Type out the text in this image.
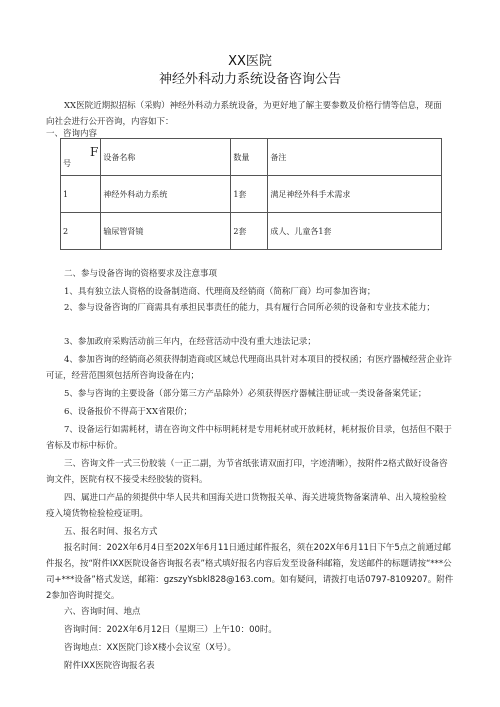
XX医院
神经外科动力系统设备咨询公告
XX医院近期拟招标（采购）神经外科动力系统设备，为更好地了解主要参数及价格行情等信息，现面向社会进行公开咨询，内容如下：
一、咨询内容
F
号	设备名称	数量	备注
1	神经外科动力系统	1套	满足神经外科手术需求
2	输尿管肾镜	2套	成人、儿童各1套
二、参与设备咨询的资格要求及注意事项
1、具有独立法人资格的设备制造商、代理商及经销商（简称厂商）均可参加咨询；
2、参与设备咨询的厂商需具有承担民事责任的能力，具有履行合同所必须的设备和专业技术能力；
3、参加政府采购活动前三年内，在经营活动中没有重大违法记录；
4、参加咨询的经销商必须获得制造商或区域总代理商出具针对本项目的授权函；有医疗器械经营企业许可证，经营范围须包括所咨询设备在内；
5、参与咨询的主要设备（部分第三方产品除外）必须获得医疗器械注册证或一类设备备案凭证；
6、设备报价不得高于XX省限价；
7、设备运行如需耗材，请在咨询文件中标明耗材是专用耗材或开放耗材，耗材报价目录，包括但不限于省标及市标中标价。
三、咨询文件一式三份胶装（一正二副，为节省纸张请双面打印，字迹清晰），按附件2格式做好设备咨询文件，医院有权不接受未经胶装的资料。
四、属进口产品的须提供中华人民共和国海关进口货物报关单、海关进境货物备案清单、出入境检验检疫入境货物检验检疫证明。
五、报名时间、报名方式
报名时间：202X年6月4日至202X年6月11日通过邮件报名，须在202X年6月11日下午5点之前通过邮件报名，按“附件IXX医院设备咨询报名表”格式填好报名内容后发至设备科邮箱，发送邮件的标题请按“***公司+***设备”格式发送，邮箱：gzszyYsbkl828@163.com。如有疑问，请拨打电话0797-8109207。附件2参加咨询时提交。
六、咨询时间、地点
咨询时间：202X年6月12日（星期三）上午10：00时。
咨询地点：XX医院门诊X楼小会议室（X号）。
附件IXX医院咨询报名表
